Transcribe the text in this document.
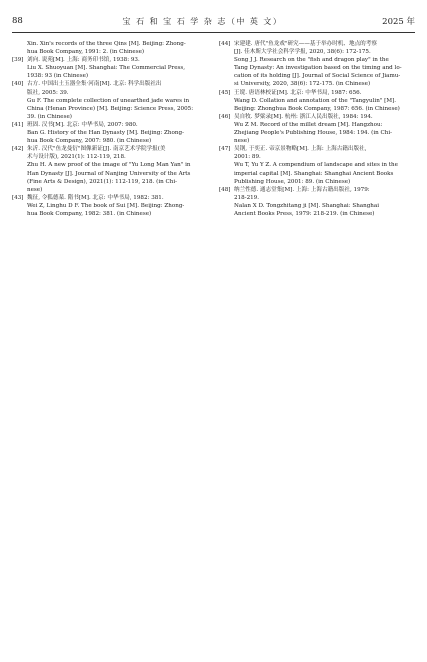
88	宝 石 和 宝 石 学 杂 志（中 英 文）	2025 年
Xin. Xin's records of the three Qins [M]. Beijing: Zhong-
hua Book Company, 1991: 2. (in Chinese)
[39] 刘向. 说苑[M]. 上海: 商务印书馆, 1938: 93.
Liu X. Shuoyuan [M]. Shanghai: The Commercial Press,
1938: 93 (in Chinese)
[40] 古方. 中国出土玉器全集·河南[M]. 北京: 科学出版社出
版社, 2005: 39.
Gu F. The complete collection of unearthed jade wares in
China (Henan Province) [M]. Beijing: Science Press, 2005:
39. (in Chinese)
[41] 班固. 汉书[M]. 北京: 中华书局, 2007: 980.
Ban G. History of the Han Dynasty [M]. Beijing: Zhong-
hua Book Company, 2007: 980. (in Chinese)
[42] 朱沂. 汉代"鱼龙曼衍"图像新证[J]. 南京艺术学院学报(美
术与设计版), 2021(1): 112-119, 218.
Zhu H. A new proof of the image of "Yu Long Man Yan" in
Han Dynasty [J]. Journal of Nanjing University of the Arts
(Fine Arts & Design), 2021(1): 112-119, 218. (in Chi-
nese)
[43] 魏征, 令狐德棻. 隋书[M]. 北京: 中华书局, 1982: 381.
Wei Z, Linghu D F. The book of Sui [M]. Beijing: Zhong-
hua Book Company, 1982: 381. (in Chinese)
[44] 宋建建. 唐代"鱼龙戏"研究——基于举办时机、地点的考察
[J]. 佳木斯大学社会科学学报, 2020, 38(6): 172-175.
Song J J. Research on the "fish and dragon play" in the
Tang Dynasty: An investigation based on the timing and lo-
cation of its holding [J]. Journal of Social Science of Jiamu-
si University, 2020, 38(6): 172-175. (in Chinese)
[45] 王谠. 唐语林校证[M]. 北京: 中华书局, 1987: 656.
Wang D. Collation and annotation of the "Tangyulin" [M].
Beijing: Zhonghua Book Company, 1987: 656. (in Chinese)
[46] 吴自牧. 梦粱录[M]. 杭州: 浙江人民出版社, 1984: 194.
Wu Z M. Record of the millet dream [M]. Hangzhou:
Zhejiang People's Publishing House, 1984: 194. (in Chi-
nese)
[47] 吴钢, 于奕正. 帝京景物略[M]. 上海: 上海古籍出版社,
2001: 89.
Wu T, Yu Y Z. A compendium of landscape and sites in the
imperial capital [M]. Shanghai: Shanghai Ancient Books
Publishing House, 2001: 89. (in Chinese)
[48] 纳兰性德. 通志堂集[M]. 上海: 上海古籍出版社, 1979:
218-219.
Nalan X D. Tongzhitang ji [M]. Shanghai: Shanghai
Ancient Books Press, 1979: 218-219. (in Chinese)
